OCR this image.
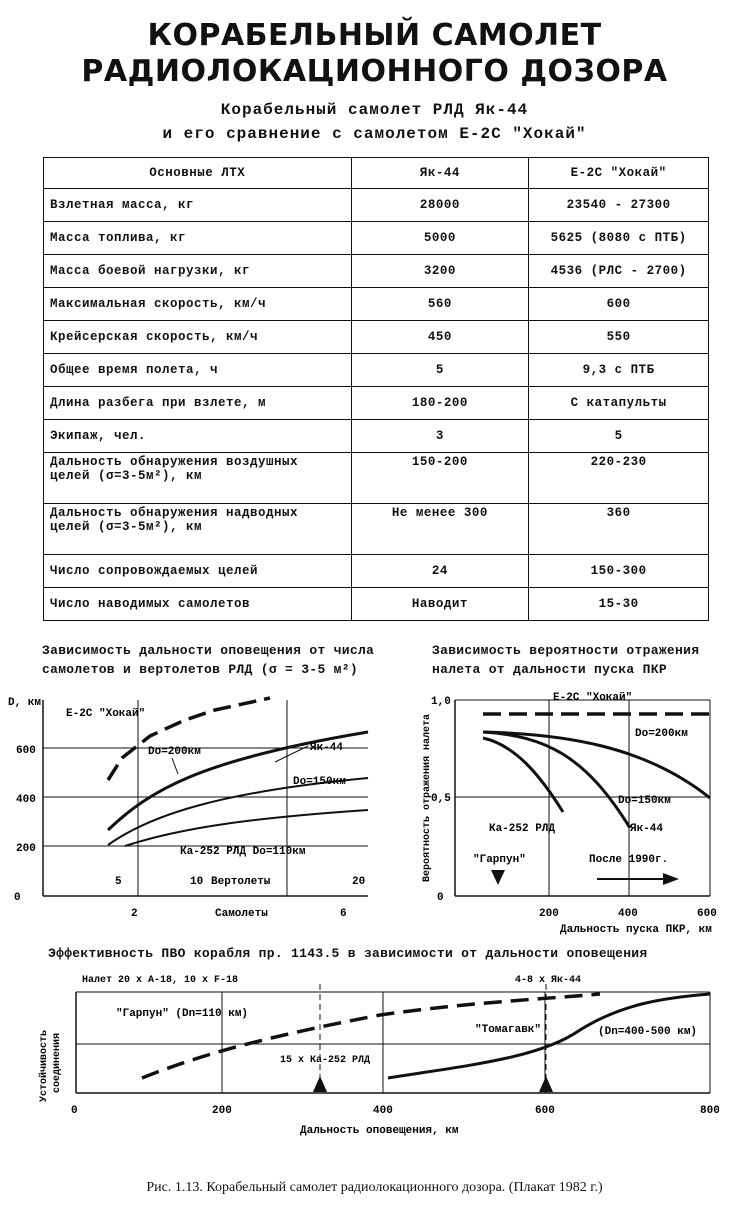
КОРАБЕЛЬНЫЙ САМОЛЕТ
РАДИОЛОКАЦИОННОГО ДОЗОРА
Корабельный самолет РЛД Як-44
и его сравнение с самолетом Е-2С "Хокай"
Основные ЛТХ	Як-44	Е-2С "Хокай"
Взлетная масса, кг	28000	23540 - 27300
Масса топлива, кг	5000	5625 (8080 с ПТБ)
Масса боевой нагрузки, кг	3200	4536 (РЛС - 2700)
Максимальная скорость, км/ч	560	600
Крейсерская скорость, км/ч	450	550
Общее время полета, ч	5	9,3 с ПТБ
Длина разбега при взлете, м	180-200	С катапульты
Экипаж, чел.	3	5
Дальность обнаружения воздушных целей (σ=3-5м²), км	150-200	220-230
Дальность обнаружения надводных целей (σ=3-5м²), км	Не менее 300	360
Число сопровождаемых целей	24	150-300
Число наводимых самолетов	Наводит	15-30
Зависимость дальности оповещения от числа
самолетов и вертолетов РЛД (σ = 3-5 м²)
Зависимость вероятности отражения
налета от дальности пуска ПКР
D, км
0
200
400
600
5	10 Вертолеты	20
2	Самолеты	6
Е-2С "Хокай"
Do=200км	Як-44
Do=150км
Ка-252 РЛД Do=110км	Вероятность отражения налета
1,0
0,5
0
200	400	600
Дальность пуска ПКР, км
Е-2С "Хокай"
Do=200км
Do=150км
Як-44
Ка-252 РЛД
"Гарпун"	После 1990г.
Эффективность ПВО корабля пр. 1143.5 в зависимости от дальности оповещения
Устойчивость соединения
0	200	400	600	800
Дальность оповещения, км
Налет 20 х А-18, 10 х F-18	4-8 х Як-44
15 х Ка-252 РЛД
"Гарпун" (Dn=110 км)
"Томагавк"	(Dn=400-500 км)
Рис. 1.13. Корабельный самолет радиолокационного дозора. (Плакат 1982 г.)
